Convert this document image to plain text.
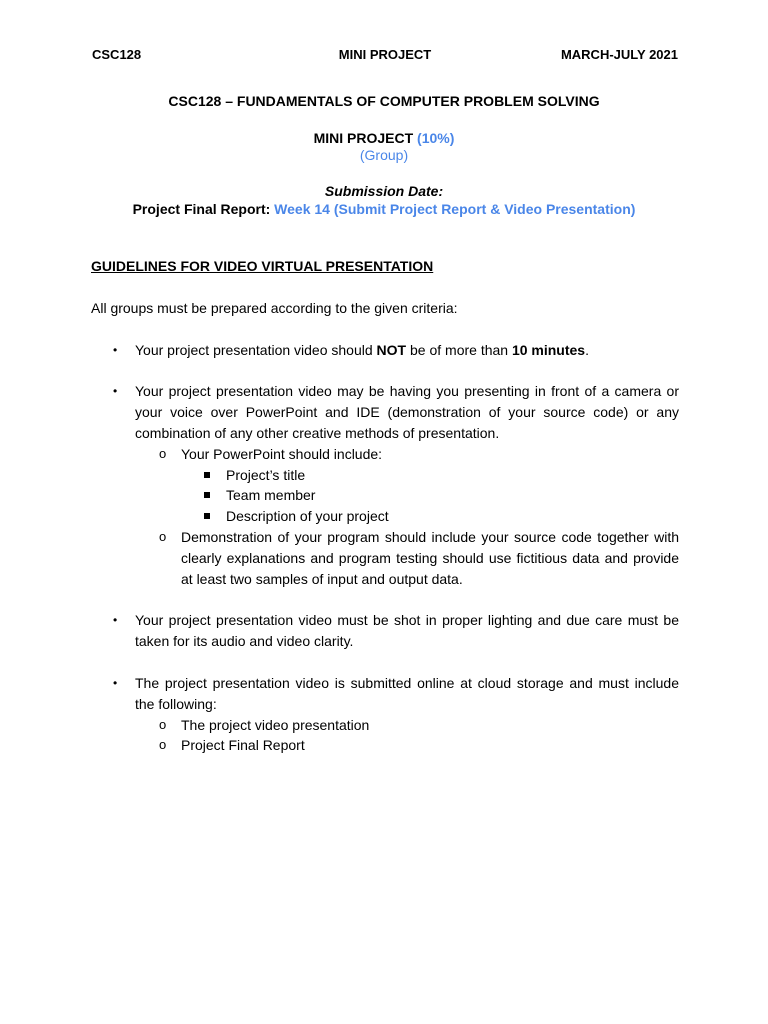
CSC128	MINI PROJECT	MARCH-JULY 2021
CSC128 – FUNDAMENTALS OF COMPUTER PROBLEM SOLVING
MINI PROJECT (10%)
(Group)
Submission Date:
Project Final Report: Week 14 (Submit Project Report & Video Presentation)
GUIDELINES FOR VIDEO VIRTUAL PRESENTATION
All groups must be prepared according to the given criteria:
• Your project presentation video should NOT be of more than 10 minutes.
• Your project presentation video may be having you presenting in front of a camera or your voice over PowerPoint and IDE (demonstration of your source code) or any combination of any other creative methods of presentation.
o Your PowerPoint should include:
Project’s title
Team member
Description of your project
o Demonstration of your program should include your source code together with clearly explanations and program testing should use fictitious data and provide at least two samples of input and output data.
• Your project presentation video must be shot in proper lighting and due care must be taken for its audio and video clarity.
• The project presentation video is submitted online at cloud storage and must include the following:
o The project video presentation
o Project Final Report
